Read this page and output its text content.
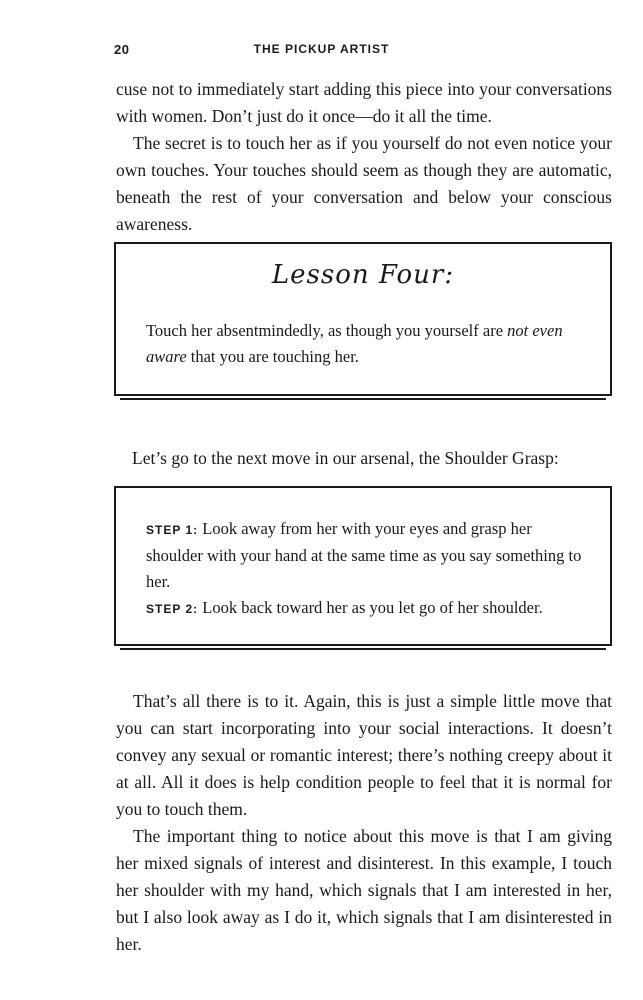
20	THE PICKUP ARTIST

cuse not to immediately start adding this piece into your conversations with women. Don’t just do it once—do it all the time.

The secret is to touch her as if you yourself do not even notice your own touches. Your touches should seem as though they are automatic, beneath the rest of your conversation and below your conscious awareness.

Lesson Four:
Touch her absentmindedly, as though you yourself are not even aware that you are touching her.
Let’s go to the next move in our arsenal, the Shoulder Grasp:

STEP 1: Look away from her with your eyes and grasp her shoulder with your hand at the same time as you say something to her.

STEP 2: Look back toward her as you let go of her shoulder.

That’s all there is to it. Again, this is just a simple little move that you can start incorporating into your social interactions. It doesn’t convey any sexual or romantic interest; there’s nothing creepy about it at all. All it does is help condition people to feel that it is normal for you to touch them.

The important thing to notice about this move is that I am giving her mixed signals of interest and disinterest. In this example, I touch her shoulder with my hand, which signals that I am interested in her, but I also look away as I do it, which signals that I am disinterested in her.
